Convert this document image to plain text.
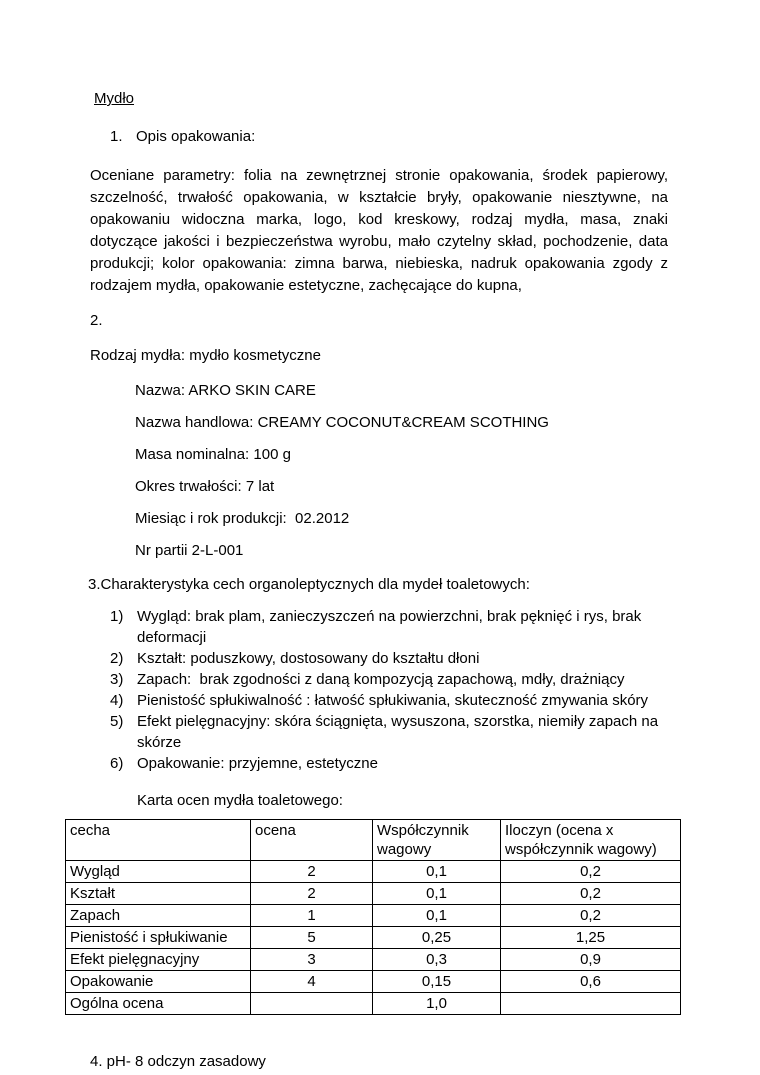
Mydło

1. Opis opakowania:

Oceniane parametry: folia na zewnętrznej stronie opakowania, środek papierowy, szczelność, trwałość opakowania, w kształcie bryły, opakowanie niesztywne, na opakowaniu widoczna marka, logo, kod kreskowy, rodzaj mydła, masa, znaki dotyczące jakości i bezpieczeństwa wyrobu, mało czytelny skład, pochodzenie, data produkcji; kolor opakowania: zimna barwa, niebieska, nadruk opakowania zgody z rodzajem mydła, opakowanie estetyczne, zachęcające do kupna,

2.

Rodzaj mydła: mydło kosmetyczne

Nazwa: ARKO SKIN CARE

Nazwa handlowa: CREAMY COCONUT&CREAM SCOTHING

Masa nominalna: 100 g

Okres trwałości: 7 lat

Miesiąc i rok produkcji:  02.2012

Nr partii 2-L-001

3.Charakterystyka cech organoleptycznych dla mydeł toaletowych:

1) Wygląd: brak plam, zanieczyszczeń na powierzchni, brak pęknięć i rys, brak deformacji
2) Kształt: poduszkowy, dostosowany do kształtu dłoni
3) Zapach:  brak zgodności z daną kompozycją zapachową, mdły, drażniący
4) Pienistość spłukiwalność : łatwość spłukiwania, skuteczność zmywania skóry
5) Efekt pielęgnacyjny: skóra ściągnięta, wysuszona, szorstka, niemiły zapach na skórze
6) Opakowanie: przyjemne, estetyczne

Karta ocen mydła toaletowego:

cecha	ocena	Współczynnik wagowy	Iloczyn (ocena x współczynnik wagowy)
Wygląd	2	0,1	0,2
Kształt	2	0,1	0,2
Zapach	1	0,1	0,2
Pienistość i spłukiwanie	5	0,25	1,25
Efekt pielęgnacyjny	3	0,3	0,9
Opakowanie	4	0,15	0,6
Ogólna ocena		1,0	

4. pH- 8 odczyn zasadowy
